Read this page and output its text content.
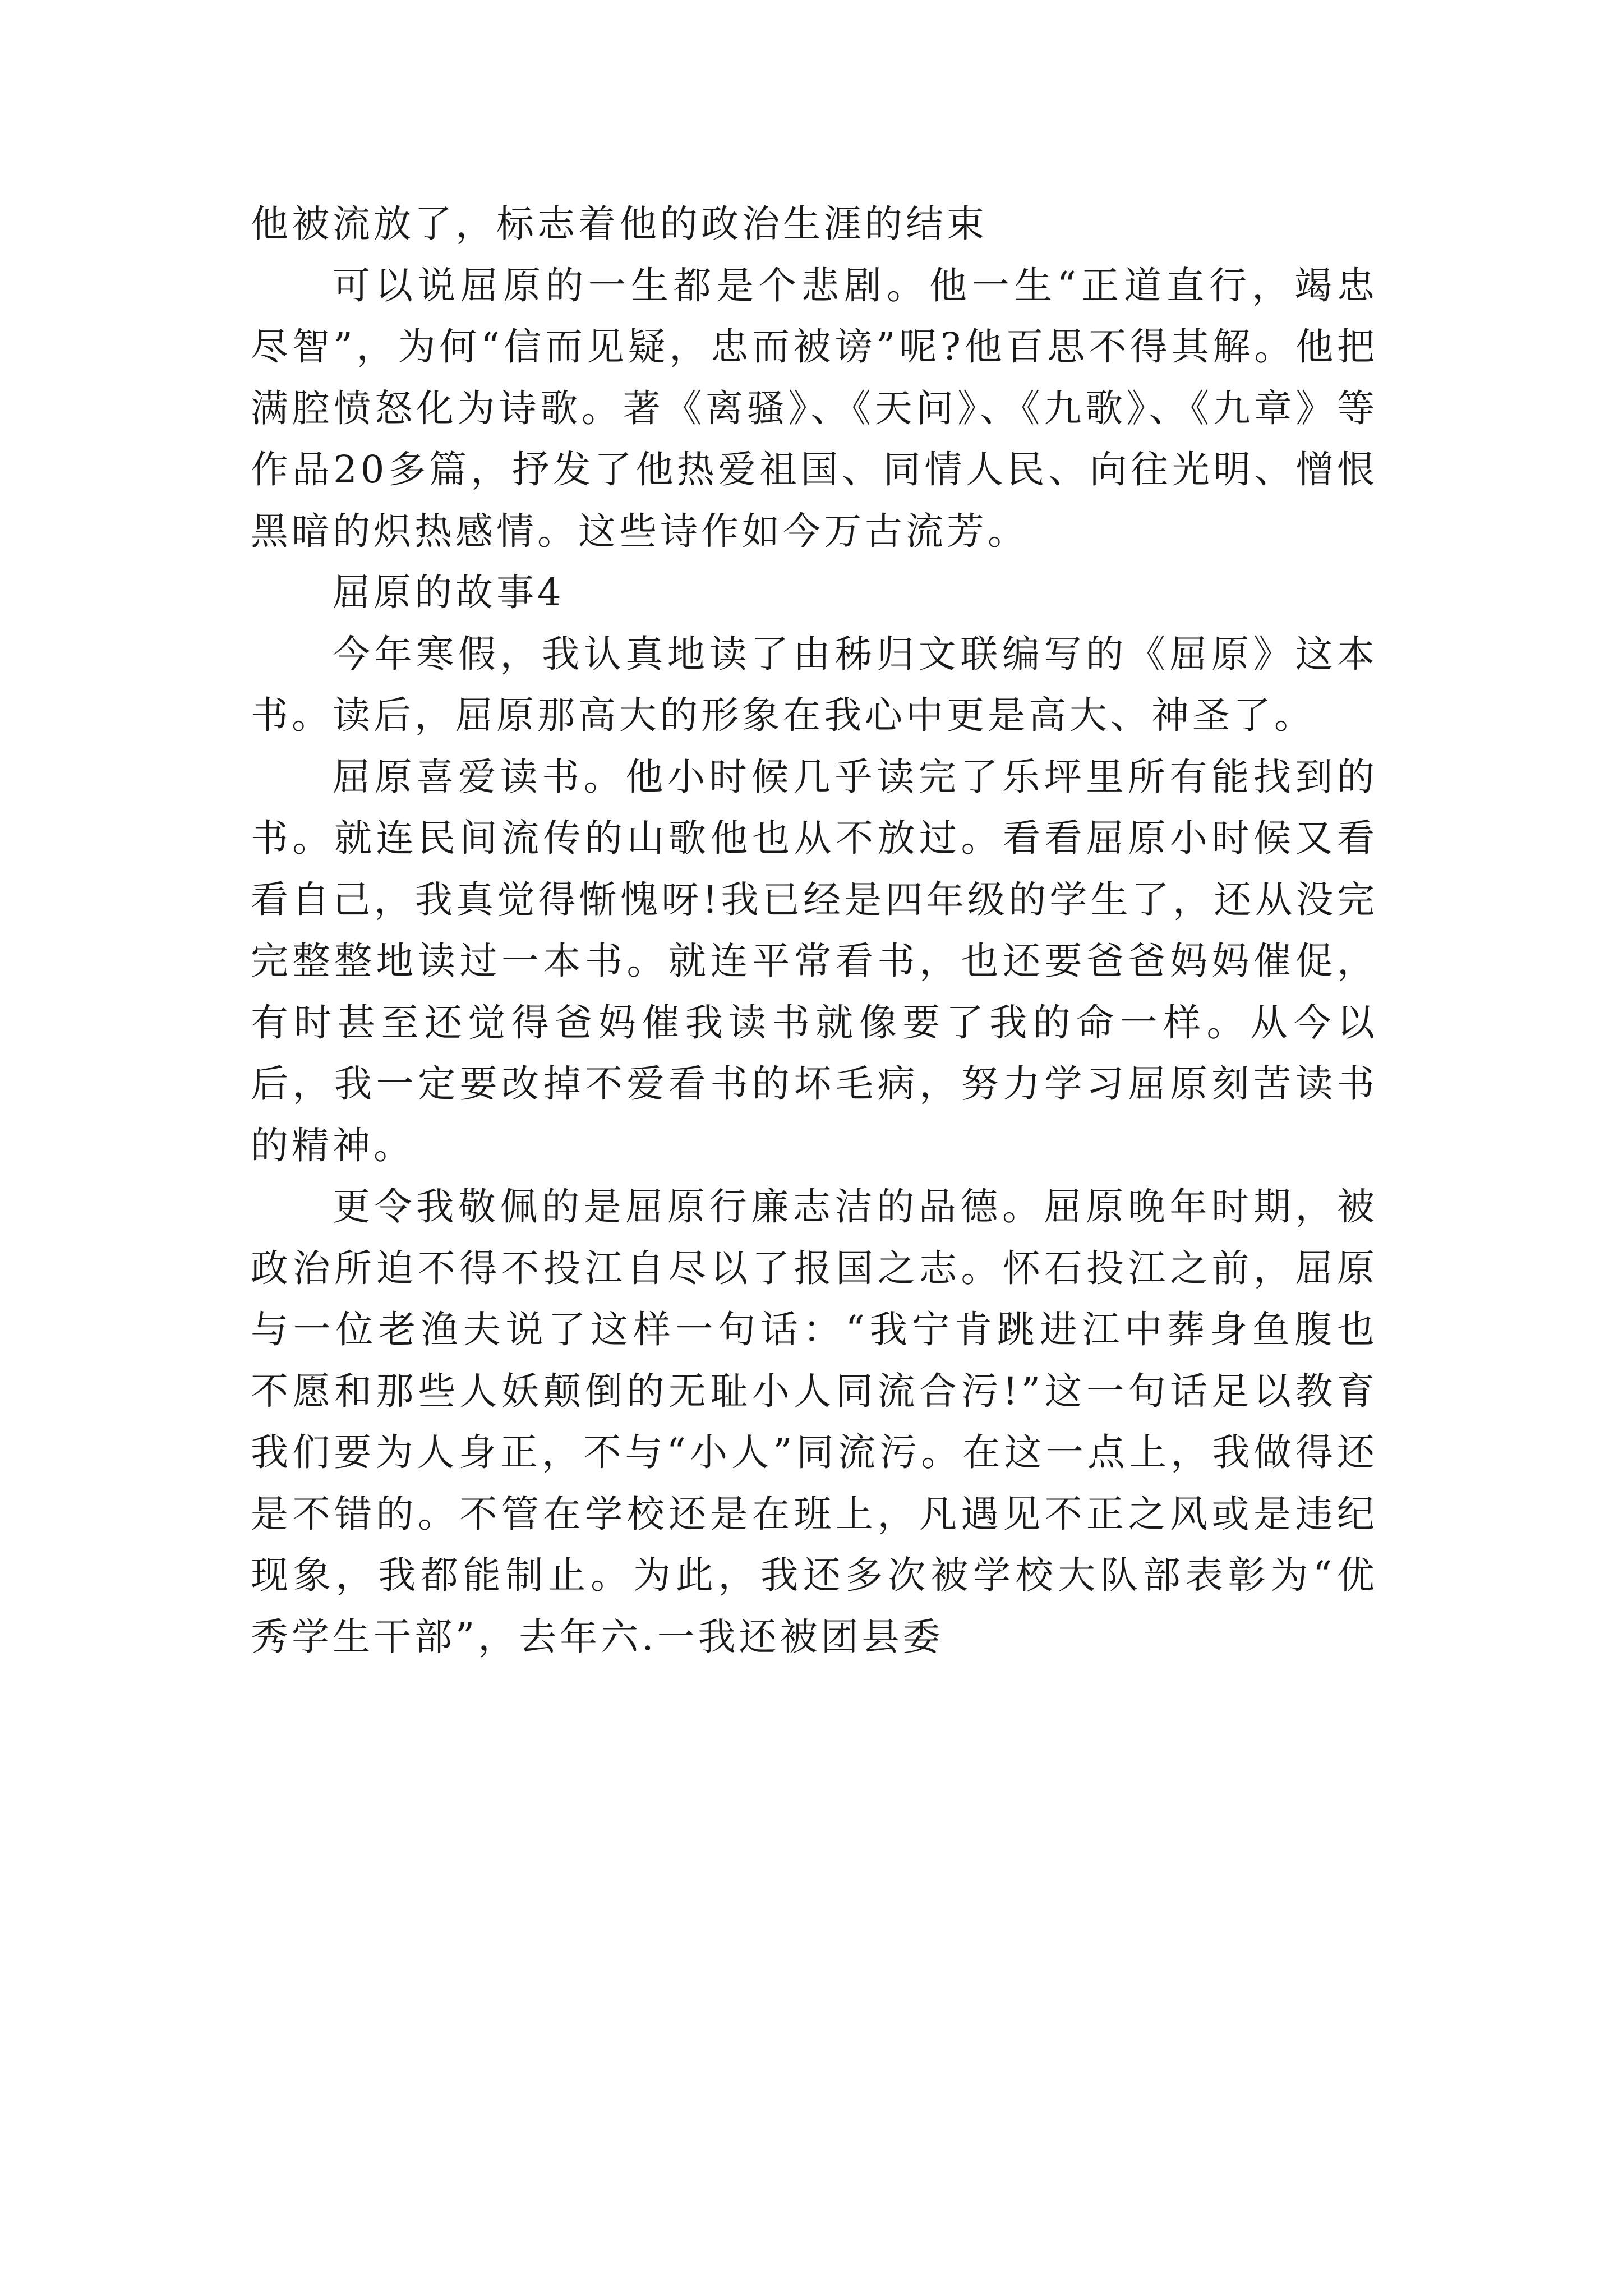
他被流放了，标志着他的政治生涯的结束

可以说屈原的一生都是个悲剧。他一生“正道直行，竭忠尽智”，为何“信而见疑，忠而被谤”呢?他百思不得其解。他把满腔愤怒化为诗歌。著《离骚》、《天问》、《九歌》、《九章》等作品20多篇，抒发了他热爱祖国、同情人民、向往光明、憎恨黑暗的炽热感情。这些诗作如今万古流芳。

屈原的故事4

今年寒假，我认真地读了由秭归文联编写的《屈原》这本书。读后，屈原那高大的形象在我心中更是高大、神圣了。

屈原喜爱读书。他小时候几乎读完了乐坪里所有能找到的书。就连民间流传的山歌他也从不放过。看看屈原小时候又看看自己，我真觉得惭愧呀!我已经是四年级的学生了，还从没完完整整地读过一本书。就连平常看书，也还要爸爸妈妈催促，有时甚至还觉得爸妈催我读书就像要了我的命一样。从今以后，我一定要改掉不爱看书的坏毛病，努力学习屈原刻苦读书的精神。

更令我敬佩的是屈原行廉志洁的品德。屈原晚年时期，被政治所迫不得不投江自尽以了报国之志。怀石投江之前，屈原与一位老渔夫说了这样一句话：“我宁肯跳进江中葬身鱼腹也不愿和那些人妖颠倒的无耻小人同流合污!”这一句话足以教育我们要为人身正，不与“小人”同流污。在这一点上，我做得还是不错的。不管在学校还是在班上，凡遇见不正之风或是违纪现象，我都能制止。为此，我还多次被学校大队部表彰为“优秀学生干部”，去年六.一我还被团县委
